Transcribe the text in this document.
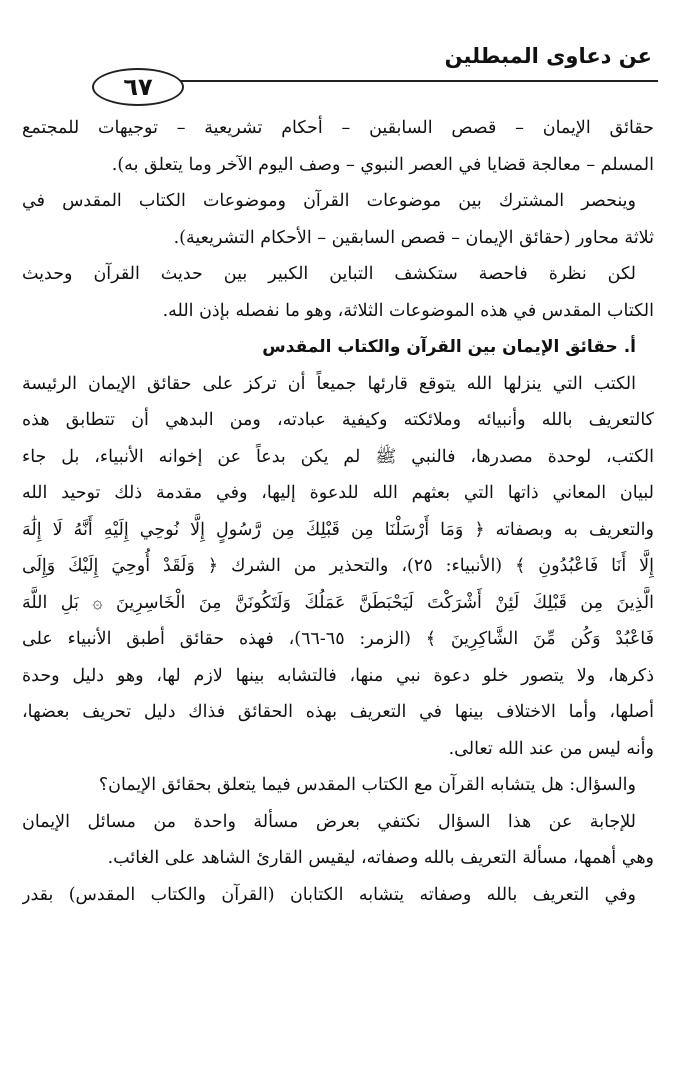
عن دعاوى المبطلين
٦٧
حقائق الإيمان – قصص السابقين – أحكام تشريعية – توجيهات للمجتمع
المسلم – معالجة قضايا في العصر النبوي – وصف اليوم الآخر وما يتعلق به).
وينحصر المشترك بين موضوعات القرآن وموضوعات الكتاب المقدس في
ثلاثة محاور (حقائق الإيمان – قصص السابقين – الأحكام التشريعية).
لكن نظرة فاحصة ستكشف التباين الكبير بين حديث القرآن وحديث
الكتاب المقدس في هذه الموضوعات الثلاثة، وهو ما نفصله بإذن الله.
أ. حقائق الإيمان بين القرآن والكتاب المقدس
الكتب التي ينزلها الله يتوقع قارئها جميعاً أن تركز على حقائق الإيمان الرئيسة
كالتعريف بالله وأنبيائه وملائكته وكيفية عبادته، ومن البدهي أن تتطابق هذه
الكتب، لوحدة مصدرها، فالنبي ﷺ لم يكن بدعاً عن إخوانه الأنبياء، بل جاء
لبيان المعاني ذاتها التي بعثهم الله للدعوة إليها، وفي مقدمة ذلك توحيد الله
والتعريف به وبصفاته ﴿ وَمَا أَرْسَلْنَا مِن قَبْلِكَ مِن رَّسُولٍ إِلَّا نُوحِي إِلَيْهِ أَنَّهُ لَا إِلَٰهَ
إِلَّا أَنَا فَاعْبُدُونِ ﴾ (الأنبياء: ٢٥)، والتحذير من الشرك ﴿ وَلَقَدْ أُوحِيَ إِلَيْكَ وَإِلَى
الَّذِينَ مِن قَبْلِكَ لَئِنْ أَشْرَكْتَ لَيَحْبَطَنَّ عَمَلُكَ وَلَتَكُونَنَّ مِنَ الْخَاسِرِينَ ۞ بَلِ اللَّهَ
فَاعْبُدْ وَكُن مِّنَ الشَّاكِرِينَ ﴾ (الزمر: ٦٥-٦٦)، فهذه حقائق أطبق الأنبياء على
ذكرها، ولا يتصور خلو دعوة نبي منها، فالتشابه بينها لازم لها، وهو دليل وحدة
أصلها، وأما الاختلاف بينها في التعريف بهذه الحقائق فذاك دليل تحريف بعضها،
وأنه ليس من عند الله تعالى.
والسؤال: هل يتشابه القرآن مع الكتاب المقدس فيما يتعلق بحقائق الإيمان؟
للإجابة عن هذا السؤال نكتفي بعرض مسألة واحدة من مسائل الإيمان
وهي أهمها، مسألة التعريف بالله وصفاته، ليقيس القارئ الشاهد على الغائب.
وفي التعريف بالله وصفاته يتشابه الكتابان (القرآن والكتاب المقدس) بقدر
